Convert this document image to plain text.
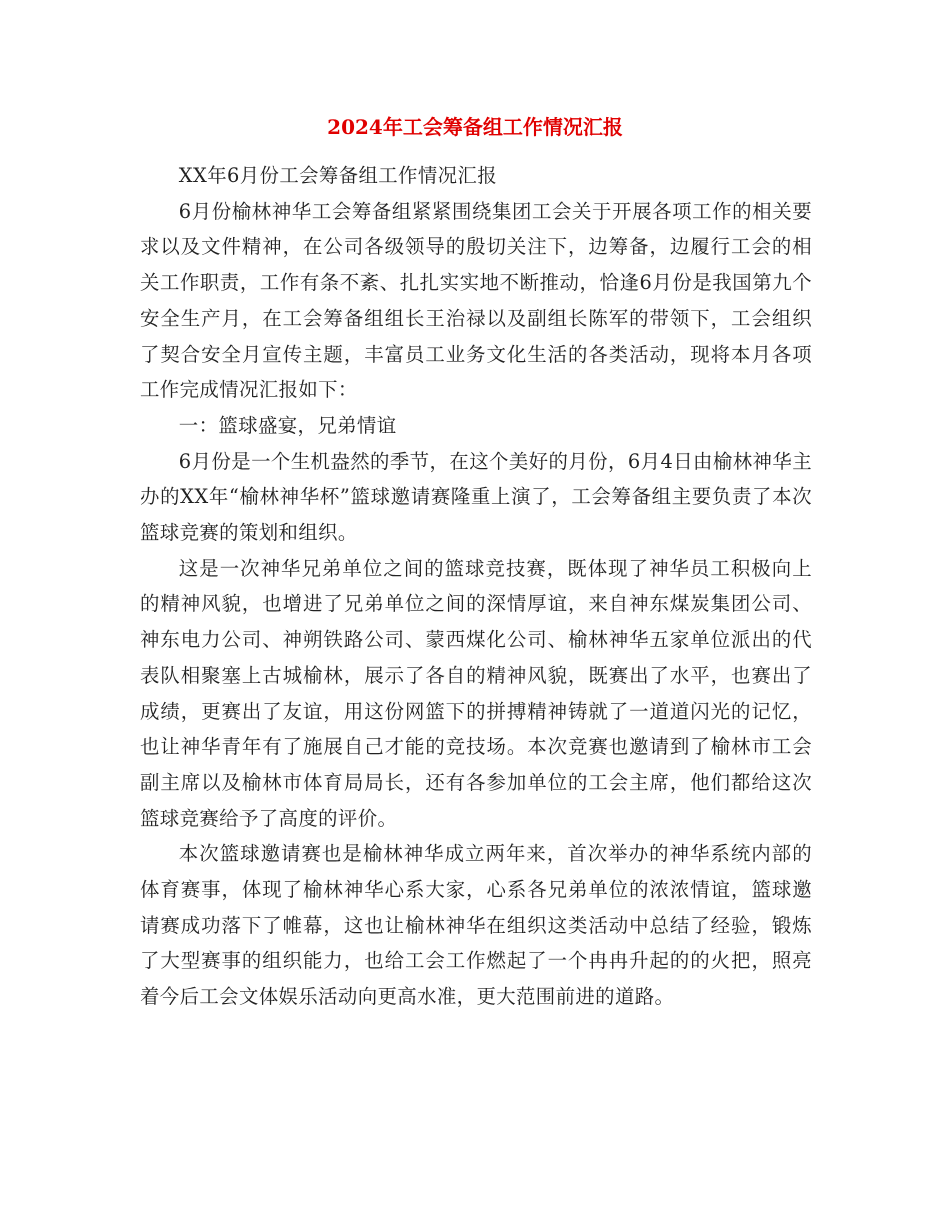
2024年工会筹备组工作情况汇报

XX年6月份工会筹备组工作情况汇报

6月份榆林神华工会筹备组紧紧围绕集团工会关于开展各项工作的相关要求以及文件精神，在公司各级领导的殷切关注下，边筹备，边履行工会的相关工作职责，工作有条不紊、扎扎实实地不断推动，恰逢6月份是我国第九个安全生产月，在工会筹备组组长王治禄以及副组长陈军的带领下，工会组织了契合安全月宣传主题，丰富员工业务文化生活的各类活动，现将本月各项工作完成情况汇报如下：

一：篮球盛宴，兄弟情谊

6月份是一个生机盎然的季节，在这个美好的月份，6月4日由榆林神华主办的XX年“榆林神华杯”篮球邀请赛隆重上演了，工会筹备组主要负责了本次篮球竞赛的策划和组织。

这是一次神华兄弟单位之间的篮球竞技赛，既体现了神华员工积极向上的精神风貌，也增进了兄弟单位之间的深情厚谊，来自神东煤炭集团公司、神东电力公司、神朔铁路公司、蒙西煤化公司、榆林神华五家单位派出的代表队相聚塞上古城榆林，展示了各自的精神风貌，既赛出了水平，也赛出了成绩，更赛出了友谊，用这份网篮下的拼搏精神铸就了一道道闪光的记忆，也让神华青年有了施展自己才能的竞技场。本次竞赛也邀请到了榆林市工会副主席以及榆林市体育局局长，还有各参加单位的工会主席，他们都给这次篮球竞赛给予了高度的评价。

本次篮球邀请赛也是榆林神华成立两年来，首次举办的神华系统内部的体育赛事，体现了榆林神华心系大家，心系各兄弟单位的浓浓情谊，篮球邀请赛成功落下了帷幕，这也让榆林神华在组织这类活动中总结了经验，锻炼了大型赛事的组织能力，也给工会工作燃起了一个冉冉升起的的火把，照亮着今后工会文体娱乐活动向更高水准，更大范围前进的道路。
